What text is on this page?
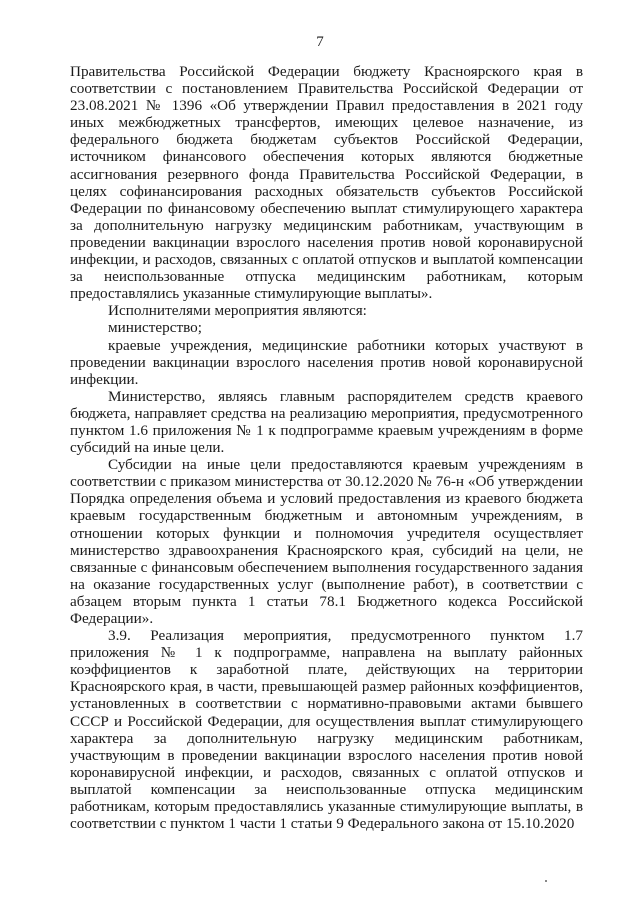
7

Правительства Российской Федерации бюджету Красноярского края в соответствии с постановлением Правительства Российской Федерации от 23.08.2021 № 1396 «Об утверждении Правил предоставления в 2021 году иных межбюджетных трансфертов, имеющих целевое назначение, из федерального бюджета бюджетам субъектов Российской Федерации, источником финансового обеспечения которых являются бюджетные ассигнования резервного фонда Правительства Российской Федерации, в целях софинансирования расходных обязательств субъектов Российской Федерации по финансовому обеспечению выплат стимулирующего характера за дополнительную нагрузку медицинским работникам, участвующим в проведении вакцинации взрослого населения против новой коронавирусной инфекции, и расходов, связанных с оплатой отпусков и выплатой компенсации за неиспользованные отпуска медицинским работникам, которым предоставлялись указанные стимулирующие выплаты».

Исполнителями мероприятия являются:

министерство;

краевые учреждения, медицинские работники которых участвуют в проведении вакцинации взрослого населения против новой коронавирусной инфекции.

Министерство, являясь главным распорядителем средств краевого бюджета, направляет средства на реализацию мероприятия, предусмотренного пунктом 1.6 приложения № 1 к подпрограмме краевым учреждениям в форме субсидий на иные цели.

Субсидии на иные цели предоставляются краевым учреждениям в соответствии с приказом министерства от 30.12.2020 № 76-н «Об утверждении Порядка определения объема и условий предоставления из краевого бюджета краевым государственным бюджетным и автономным учреждениям, в отношении которых функции и полномочия учредителя осуществляет министерство здравоохранения Красноярского края, субсидий на цели, не связанные с финансовым обеспечением выполнения государственного задания на оказание государственных услуг (выполнение работ), в соответствии с абзацем вторым пункта 1 статьи 78.1 Бюджетного кодекса Российской Федерации».

3.9. Реализация мероприятия, предусмотренного пунктом 1.7 приложения № 1 к подпрограмме, направлена на выплату районных коэффициентов к заработной плате, действующих на территории Красноярского края, в части, превышающей размер районных коэффициентов, установленных в соответствии с нормативно-правовыми актами бывшего СССР и Российской Федерации, для осуществления выплат стимулирующего характера за дополнительную нагрузку медицинским работникам, участвующим в проведении вакцинации взрослого населения против новой коронавирусной инфекции, и расходов, связанных с оплатой отпусков и выплатой компенсации за неиспользованные отпуска медицинским работникам, которым предоставлялись указанные стимулирующие выплаты, в соответствии с пунктом 1 части 1 статьи 9 Федерального закона от 15.10.2020
